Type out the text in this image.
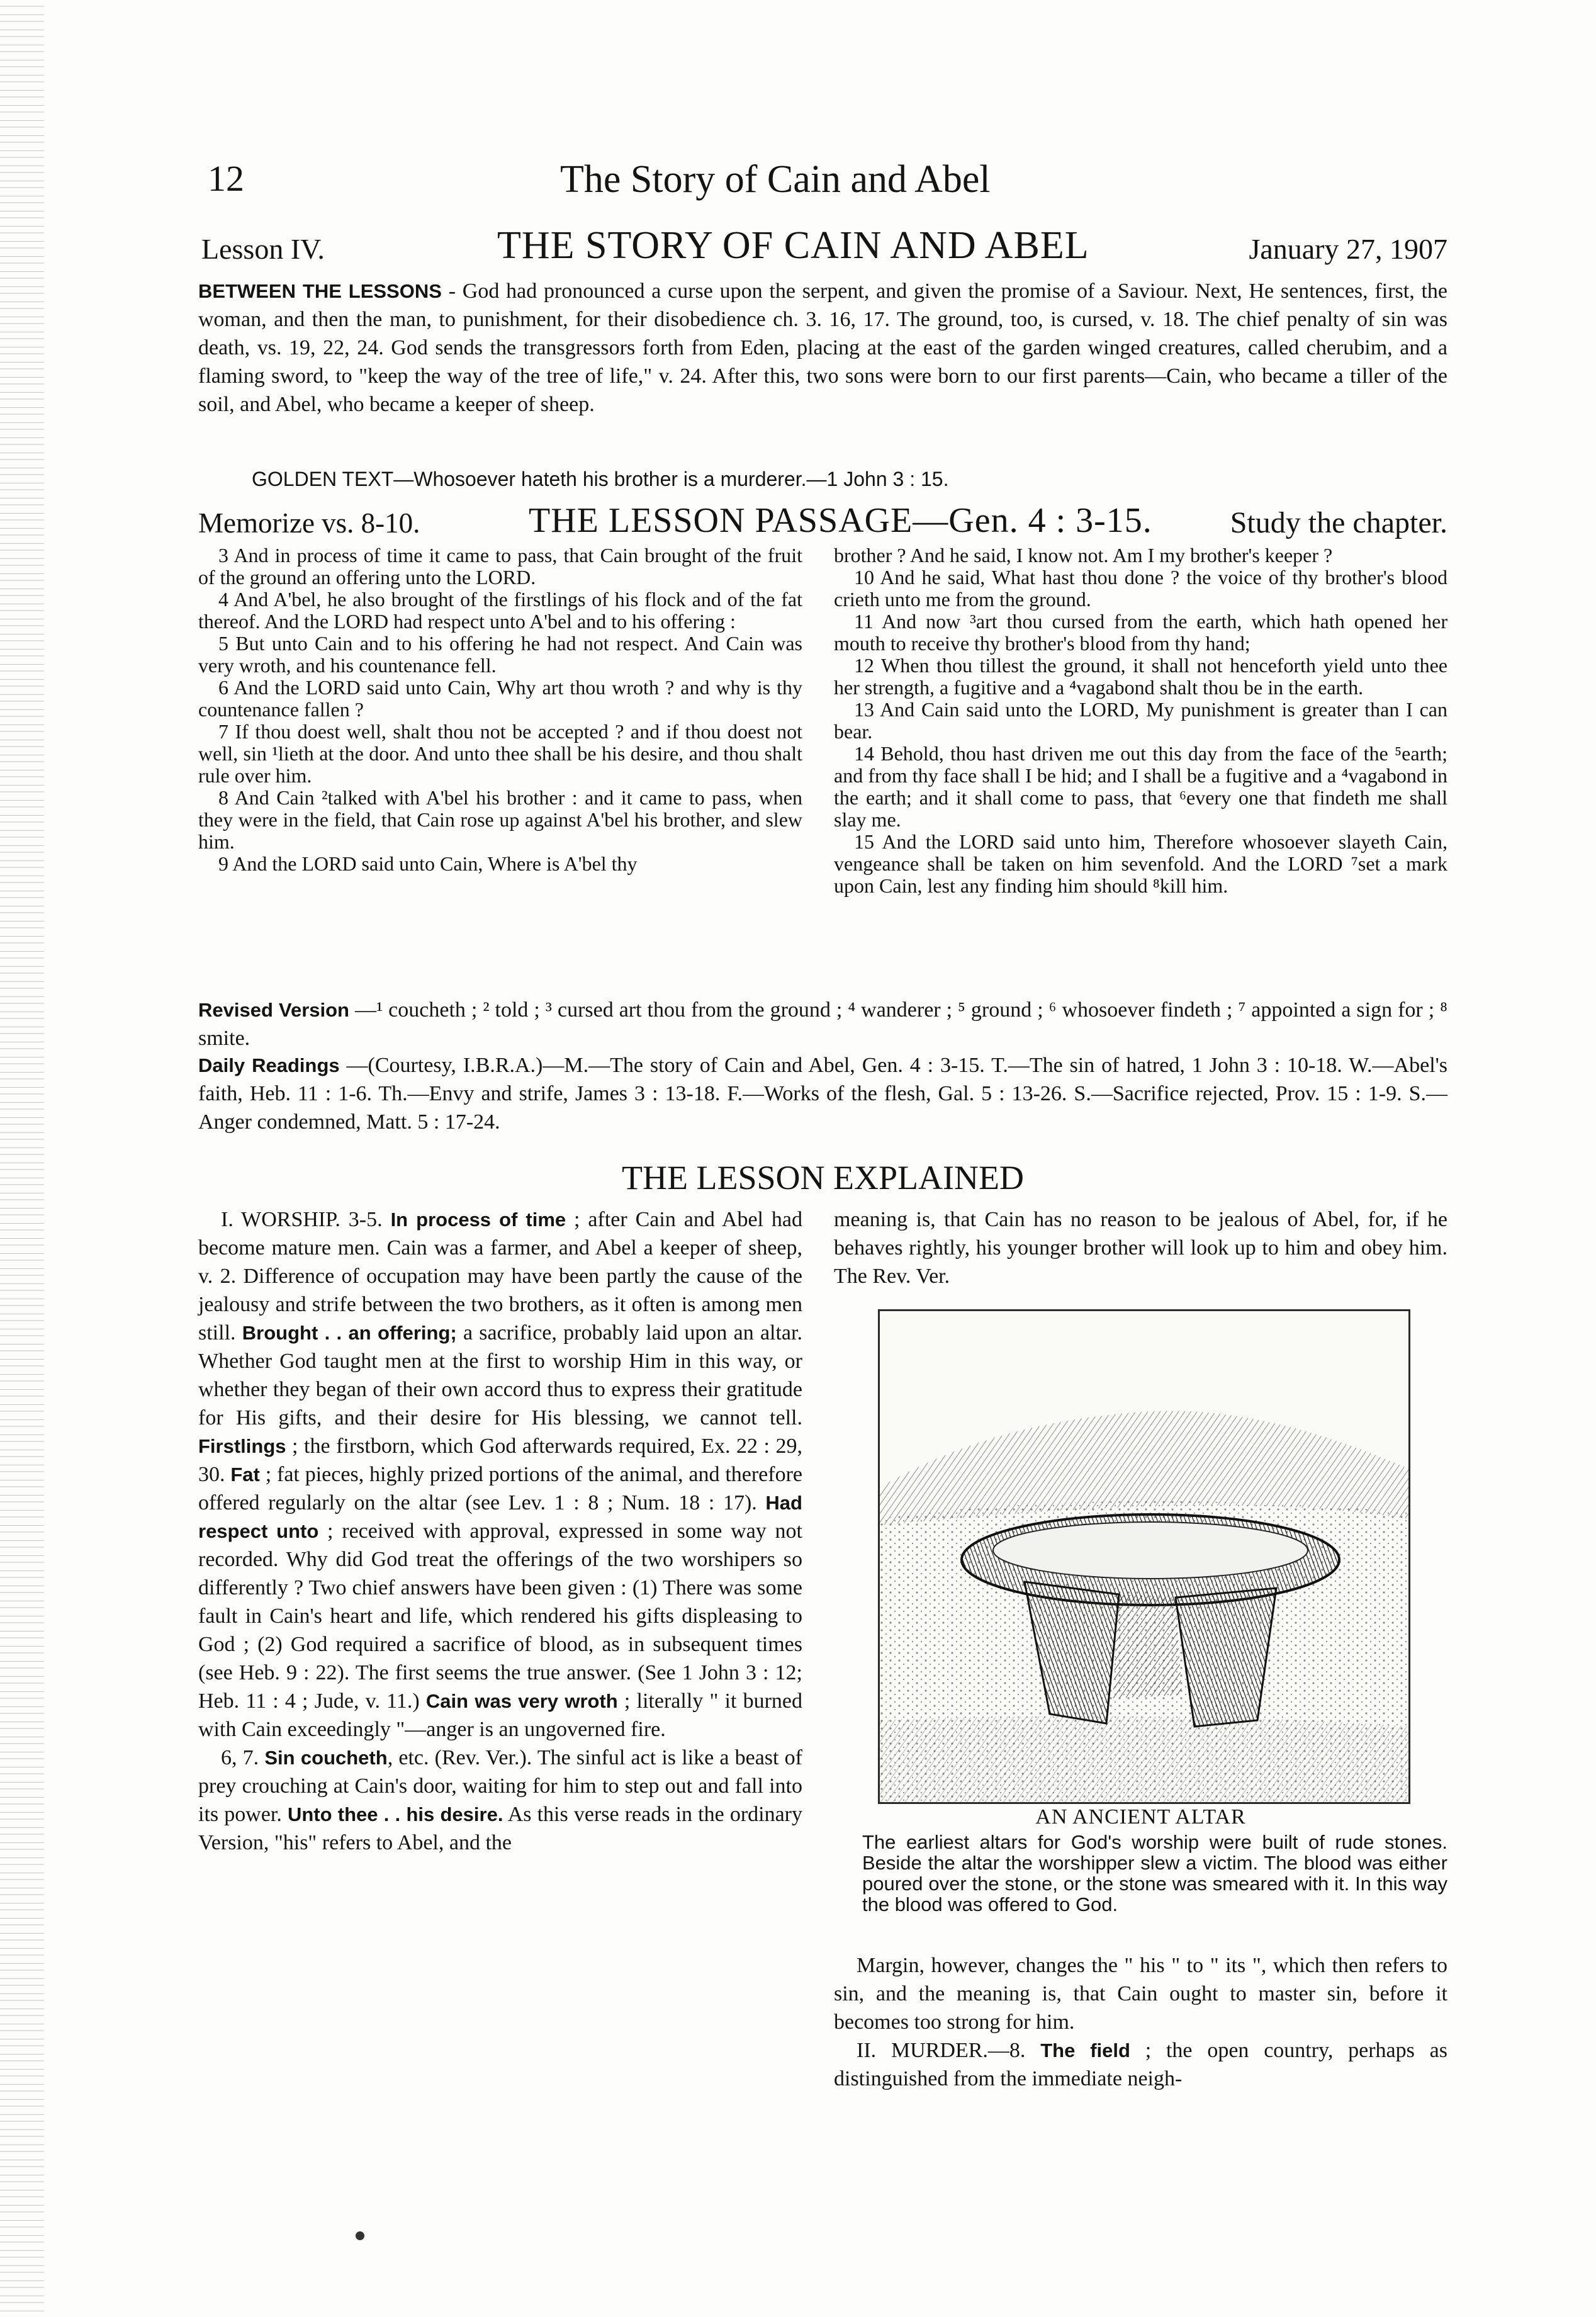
12	The Story of Cain and Abel
Lesson IV.	THE STORY OF CAIN AND ABEL	January 27, 1907
BETWEEN THE LESSONS - God had pronounced a curse upon the serpent, and given the promise of a Saviour. Next, He sentences, first, the woman, and then the man, to punishment, for their disobedience ch. 3. 16, 17. The ground, too, is cursed, v. 18. The chief penalty of sin was death, vs. 19, 22, 24. God sends the transgressors forth from Eden, placing at the east of the garden winged creatures, called cherubim, and a flaming sword, to "keep the way of the tree of life," v. 24. After this, two sons were born to our first parents—Cain, who became a tiller of the soil, and Abel, who became a keeper of sheep.
GOLDEN TEXT—Whosoever hateth his brother is a murderer.—1 John 3 : 15.
Memorize vs. 8-10.	THE LESSON PASSAGE—Gen. 4 : 3-15.	Study the chapter.

3 And in process of time it came to pass, that Cain brought of the fruit of the ground an offering unto the LORD.

4 And A'bel, he also brought of the firstlings of his flock and of the fat thereof. And the LORD had respect unto A'bel and to his offering :

5 But unto Cain and to his offering he had not respect. And Cain was very wroth, and his countenance fell.

6 And the LORD said unto Cain, Why art thou wroth ? and why is thy countenance fallen ?

7 If thou doest well, shalt thou not be accepted ? and if thou doest not well, sin ¹lieth at the door. And unto thee shall be his desire, and thou shalt rule over him.

8 And Cain ²talked with A'bel his brother : and it came to pass, when they were in the field, that Cain rose up against A'bel his brother, and slew him.

9 And the LORD said unto Cain, Where is A'bel thy

brother ? And he said, I know not. Am I my brother's keeper ?

10 And he said, What hast thou done ? the voice of thy brother's blood crieth unto me from the ground.

11 And now ³art thou cursed from the earth, which hath opened her mouth to receive thy brother's blood from thy hand;

12 When thou tillest the ground, it shall not henceforth yield unto thee her strength, a fugitive and a ⁴vagabond shalt thou be in the earth.

13 And Cain said unto the LORD, My punishment is greater than I can bear.

14 Behold, thou hast driven me out this day from the face of the ⁵earth; and from thy face shall I be hid; and I shall be a fugitive and a ⁴vagabond in the earth; and it shall come to pass, that ⁶every one that findeth me shall slay me.

15 And the LORD said unto him, Therefore whosoever slayeth Cain, vengeance shall be taken on him sevenfold. And the LORD ⁷set a mark upon Cain, lest any finding him should ⁸kill him.

Revised Version —¹ coucheth ; ² told ; ³ cursed art thou from the ground ; ⁴ wanderer ; ⁵ ground ; ⁶ whosoever findeth ; ⁷ appointed a sign for ; ⁸ smite.
Daily Readings —(Courtesy, I.B.R.A.)—M.—The story of Cain and Abel, Gen. 4 : 3-15. T.—The sin of hatred, 1 John 3 : 10-18. W.—Abel's faith, Heb. 11 : 1-6. Th.—Envy and strife, James 3 : 13-18. F.—Works of the flesh, Gal. 5 : 13-26. S.—Sacrifice rejected, Prov. 15 : 1-9. S.—Anger condemned, Matt. 5 : 17-24.
THE LESSON EXPLAINED

I. WORSHIP. 3-5. In process of time ; after Cain and Abel had become mature men. Cain was a farmer, and Abel a keeper of sheep, v. 2. Difference of occupation may have been partly the cause of the jealousy and strife between the two brothers, as it often is among men still. Brought . . an offering; a sacrifice, probably laid upon an altar. Whether God taught men at the first to worship Him in this way, or whether they began of their own accord thus to express their gratitude for His gifts, and their desire for His blessing, we cannot tell. Firstlings ; the firstborn, which God afterwards required, Ex. 22 : 29, 30. Fat ; fat pieces, highly prized portions of the animal, and therefore offered regularly on the altar (see Lev. 1 : 8 ; Num. 18 : 17). Had respect unto ; received with approval, expressed in some way not recorded. Why did God treat the offerings of the two worshipers so differently ? Two chief answers have been given : (1) There was some fault in Cain's heart and life, which rendered his gifts displeasing to God ; (2) God required a sacrifice of blood, as in subsequent times (see Heb. 9 : 22). The first seems the true answer. (See 1 John 3 : 12; Heb. 11 : 4 ; Jude, v. 11.) Cain was very wroth ; literally " it burned with Cain exceedingly "—anger is an ungoverned fire.

6, 7. Sin coucheth, etc. (Rev. Ver.). The sinful act is like a beast of prey crouching at Cain's door, waiting for him to step out and fall into its power. Unto thee . . his desire. As this verse reads in the ordinary Version, "his" refers to Abel, and the

meaning is, that Cain has no reason to be jealous of Abel, for, if he behaves rightly, his younger brother will look up to him and obey him. The Rev. Ver.
AN ANCIENT ALTAR
The earliest altars for God's worship were built of rude stones. Beside the altar the worshipper slew a victim. The blood was either poured over the stone, or the stone was smeared with it. In this way the blood was offered to God.

Margin, however, changes the " his " to " its ", which then refers to sin, and the meaning is, that Cain ought to master sin, before it becomes too strong for him.

II. MURDER.—8. The field ; the open country, perhaps as distinguished from the immediate neigh-
